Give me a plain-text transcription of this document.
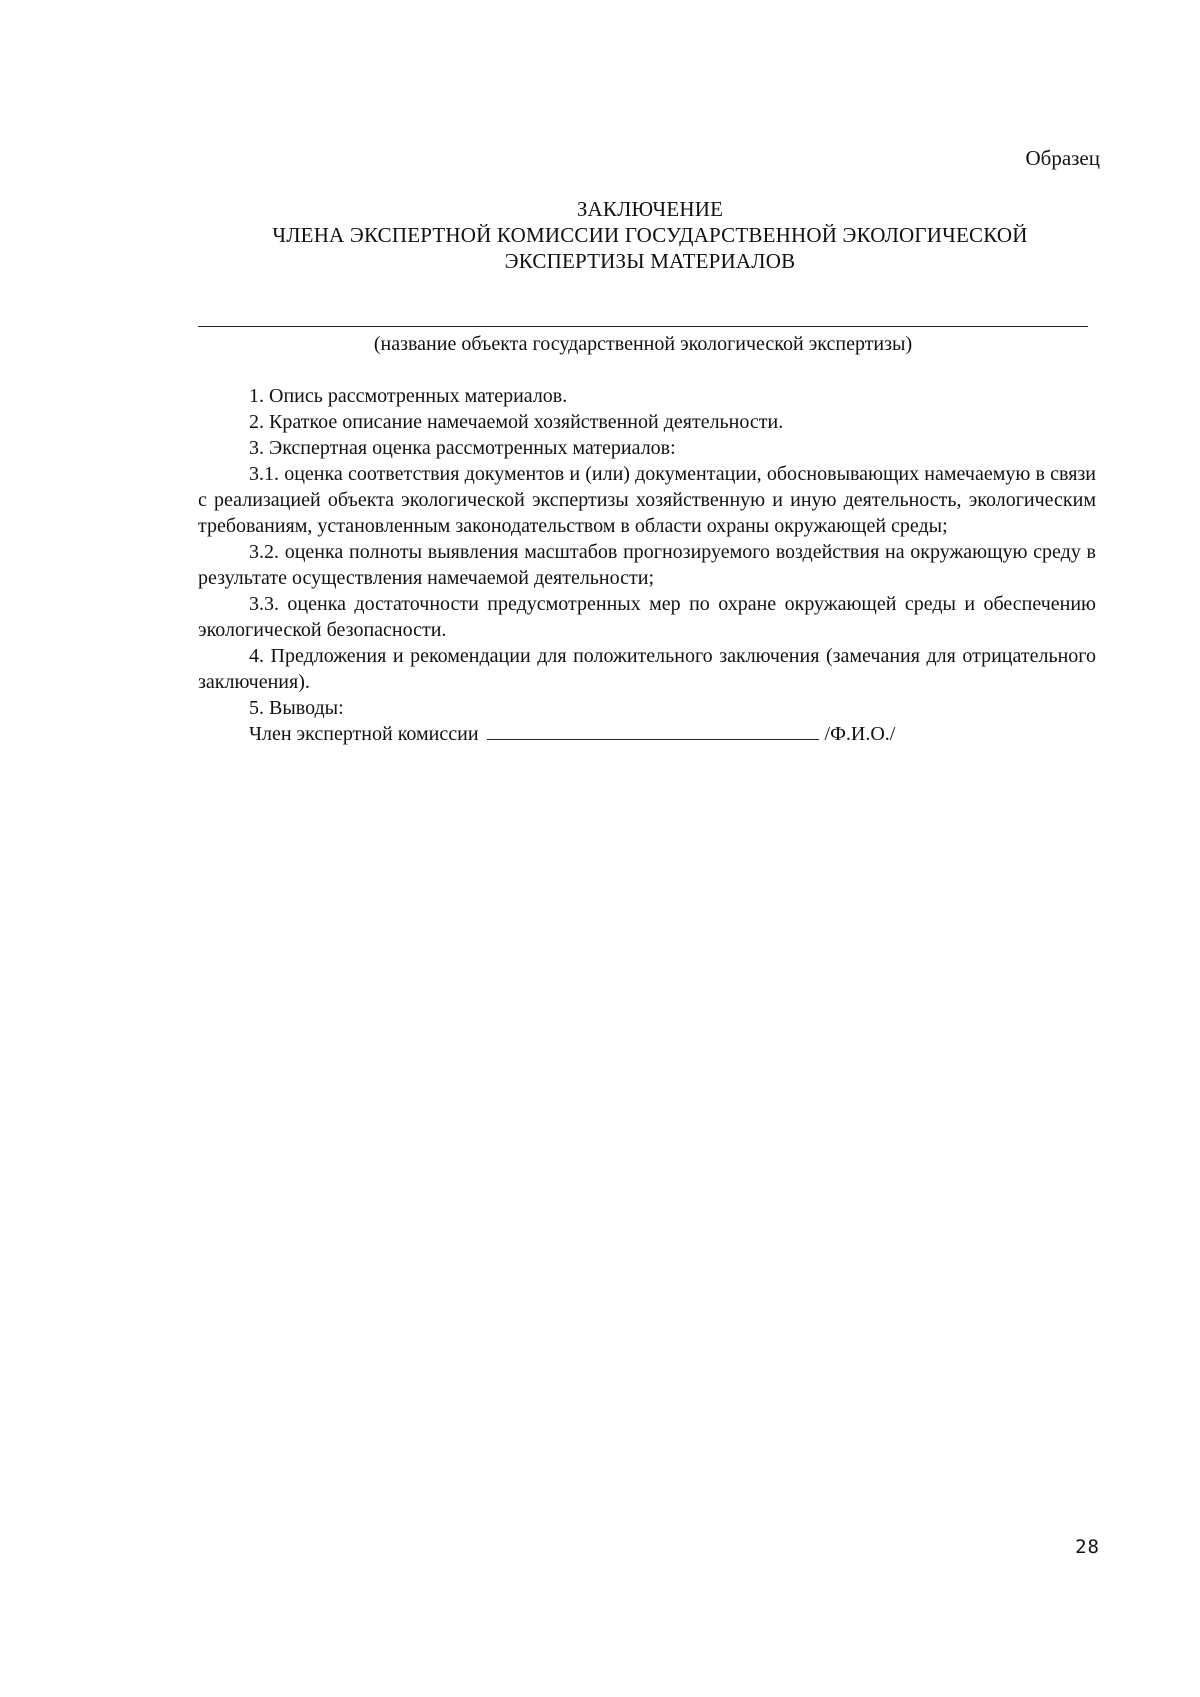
Образец
ЗАКЛЮЧЕНИЕ
ЧЛЕНА ЭКСПЕРТНОЙ КОМИССИИ ГОСУДАРСТВЕННОЙ ЭКОЛОГИЧЕСКОЙ
ЭКСПЕРТИЗЫ МАТЕРИАЛОВ
(название объекта государственной экологической экспертизы)

1. Опись рассмотренных материалов.

2. Краткое описание намечаемой хозяйственной деятельности.

3. Экспертная оценка рассмотренных материалов:

3.1. оценка соответствия документов и (или) документации, обосновывающих намечаемую в связи с реализацией объекта экологической экспертизы хозяйственную и иную деятельность, экологическим требованиям, установленным законодательством в области охраны окружающей среды;

3.2. оценка полноты выявления масштабов прогнозируемого воздействия на окружающую среду в результате осуществления намечаемой деятельности;

3.3. оценка достаточности предусмотренных мер по охране окружающей среды и обеспечению экологической безопасности.

4. Предложения и рекомендации для положительного заключения (замечания для отрицательного заключения).

5. Выводы:

Член экспертной комиссии	/Ф.И.О./
28
